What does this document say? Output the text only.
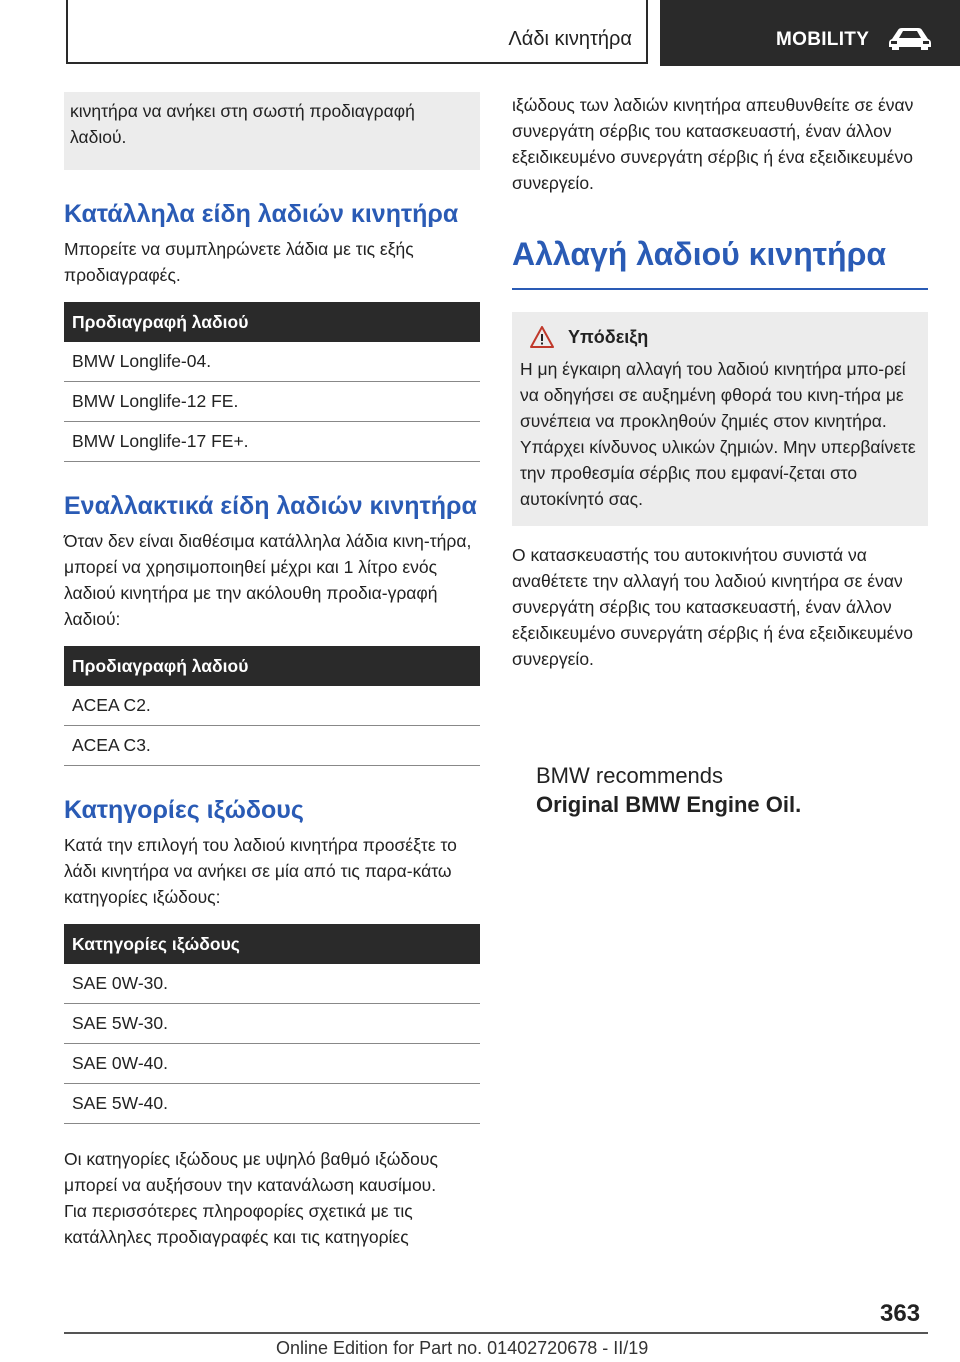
Λάδι κινητήρα	MOBILITY

κινητήρα να ανήκει στη σωστή προδιαγραφή λαδιού.

Κατάλληλα είδη λαδιών κινητήρα

Μπορείτε να συμπληρώνετε λάδια με τις εξής προδιαγραφές.

Προδιαγραφή λαδιού
BMW Longlife-04.
BMW Longlife-12 FE.
BMW Longlife-17 FE+.
Εναλλακτικά είδη λαδιών κινητήρα

Όταν δεν είναι διαθέσιμα κατάλληλα λάδια κινη-τήρα, μπορεί να χρησιμοποιηθεί μέχρι και 1 λίτρο ενός λαδιού κινητήρα με την ακόλουθη προδια-γραφή λαδιού:

Προδιαγραφή λαδιού
ACEA C2.
ACEA C3.
Κατηγορίες ιξώδους

Κατά την επιλογή του λαδιού κινητήρα προσέξτε το λάδι κινητήρα να ανήκει σε μία από τις παρα-κάτω κατηγορίες ιξώδους:

Κατηγορίες ιξώδους
SAE 0W-30.
SAE 5W-30.
SAE 0W-40.
SAE 5W-40.

Οι κατηγορίες ιξώδους με υψηλό βαθμό ιξώδους μπορεί να αυξήσουν την κατανάλωση καυσίμου.

Για περισσότερες πληροφορίες σχετικά με τις κατάλληλες προδιαγραφές και τις κατηγορίες

ιξώδους των λαδιών κινητήρα απευθυνθείτε σε έναν συνεργάτη σέρβις του κατασκευαστή, έναν άλλον εξειδικευμένο συνεργάτη σέρβις ή ένα εξειδικευμένο συνεργείο.

Αλλαγή λαδιού κινητήρα
Υπόδειξη

Η μη έγκαιρη αλλαγή του λαδιού κινητήρα μπο-ρεί να οδηγήσει σε αυξημένη φθορά του κινη-τήρα με συνέπεια να προκληθούν ζημιές στον κινητήρα. Υπάρχει κίνδυνος υλικών ζημιών. Μην υπερβαίνετε την προθεσμία σέρβις που εμφανί-ζεται στο αυτοκίνητό σας.

Ο κατασκευαστής του αυτοκινήτου συνιστά να αναθέτετε την αλλαγή του λαδιού κινητήρα σε έναν συνεργάτη σέρβις του κατασκευαστή, έναν άλλον εξειδικευμένο συνεργάτη σέρβις ή ένα εξειδικευμένο συνεργείο.

BMW recommends
Original BMW Engine Oil.
363
Online Edition for Part no. 01402720678 - II/19
